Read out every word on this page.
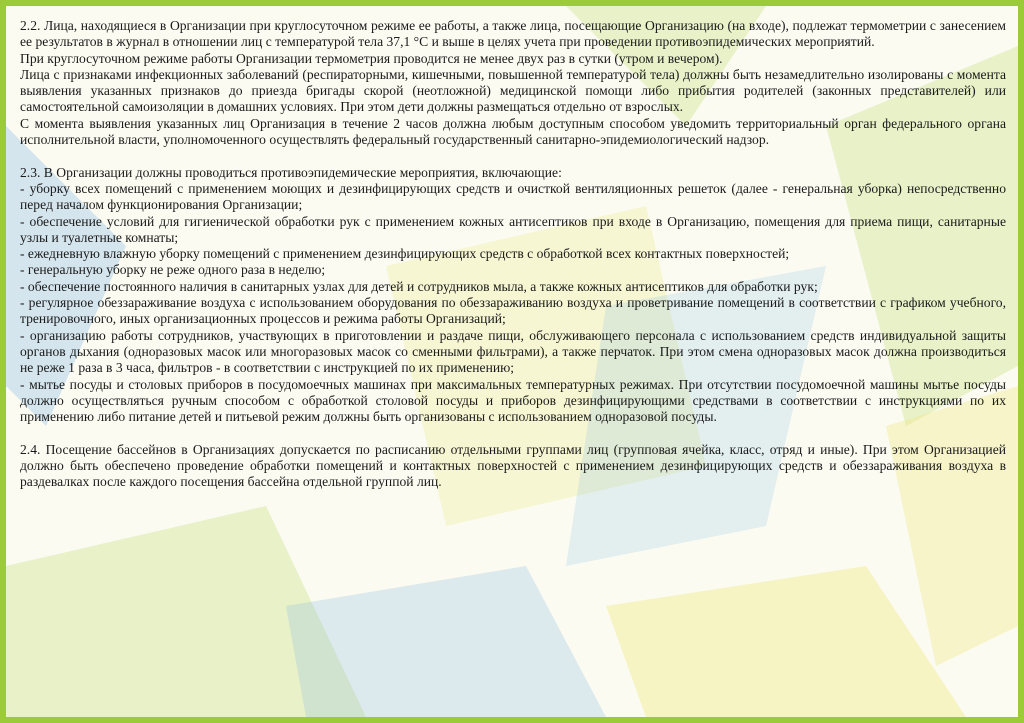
2.2. Лица, находящиеся в Организации при круглосуточном режиме ее работы, а также лица, посещающие Организацию (на входе), подлежат термометрии с занесением ее результатов в журнал в отношении лиц с температурой тела 37,1 °С и выше в целях учета при проведении противоэпидемических мероприятий.

При круглосуточном режиме работы Организации термометрия проводится не менее двух раз в сутки (утром и вечером).

Лица с признаками инфекционных заболеваний (респираторными, кишечными, повышенной температурой тела) должны быть незамедлительно изолированы с момента выявления указанных признаков до приезда бригады скорой (неотложной) медицинской помощи либо прибытия родителей (законных представителей) или самостоятельной самоизоляции в домашних условиях. При этом дети должны размещаться отдельно от взрослых.

С момента выявления указанных лиц Организация в течение 2 часов должна любым доступным способом уведомить территориальный орган федерального органа исполнительной власти, уполномоченного осуществлять федеральный государственный санитарно-эпидемиологический надзор.

2.3. В Организации должны проводиться противоэпидемические мероприятия, включающие:

- уборку всех помещений с применением моющих и дезинфицирующих средств и очисткой вентиляционных решеток (далее - генеральная уборка) непосредственно перед началом функционирования Организации;

- обеспечение условий для гигиенической обработки рук с применением кожных антисептиков при входе в Организацию, помещения для приема пищи, санитарные узлы и туалетные комнаты;

- ежедневную влажную уборку помещений с применением дезинфицирующих средств с обработкой всех контактных поверхностей;

- генеральную уборку не реже одного раза в неделю;

- обеспечение постоянного наличия в санитарных узлах для детей и сотрудников мыла, а также кожных антисептиков для обработки рук;

- регулярное обеззараживание воздуха с использованием оборудования по обеззараживанию воздуха и проветривание помещений в соответствии с графиком учебного, тренировочного, иных организационных процессов и режима работы Организаций;

- организацию работы сотрудников, участвующих в приготовлении и раздаче пищи, обслуживающего персонала с использованием средств индивидуальной защиты органов дыхания (одноразовых масок или многоразовых масок со сменными фильтрами), а также перчаток. При этом смена одноразовых масок должна производиться не реже 1 раза в 3 часа, фильтров - в соответствии с инструкцией по их применению;

- мытье посуды и столовых приборов в посудомоечных машинах при максимальных температурных режимах. При отсутствии посудомоечной машины мытье посуды должно осуществляться ручным способом с обработкой столовой посуды и приборов дезинфицирующими средствами в соответствии с инструкциями по их применению либо питание детей и питьевой режим должны быть организованы с использованием одноразовой посуды.

2.4. Посещение бассейнов в Организациях допускается по расписанию отдельными группами лиц (групповая ячейка, класс, отряд и иные). При этом Организацией должно быть обеспечено проведение обработки помещений и контактных поверхностей с применением дезинфицирующих средств и обеззараживания воздуха в раздевалках после каждого посещения бассейна отдельной группой лиц.
